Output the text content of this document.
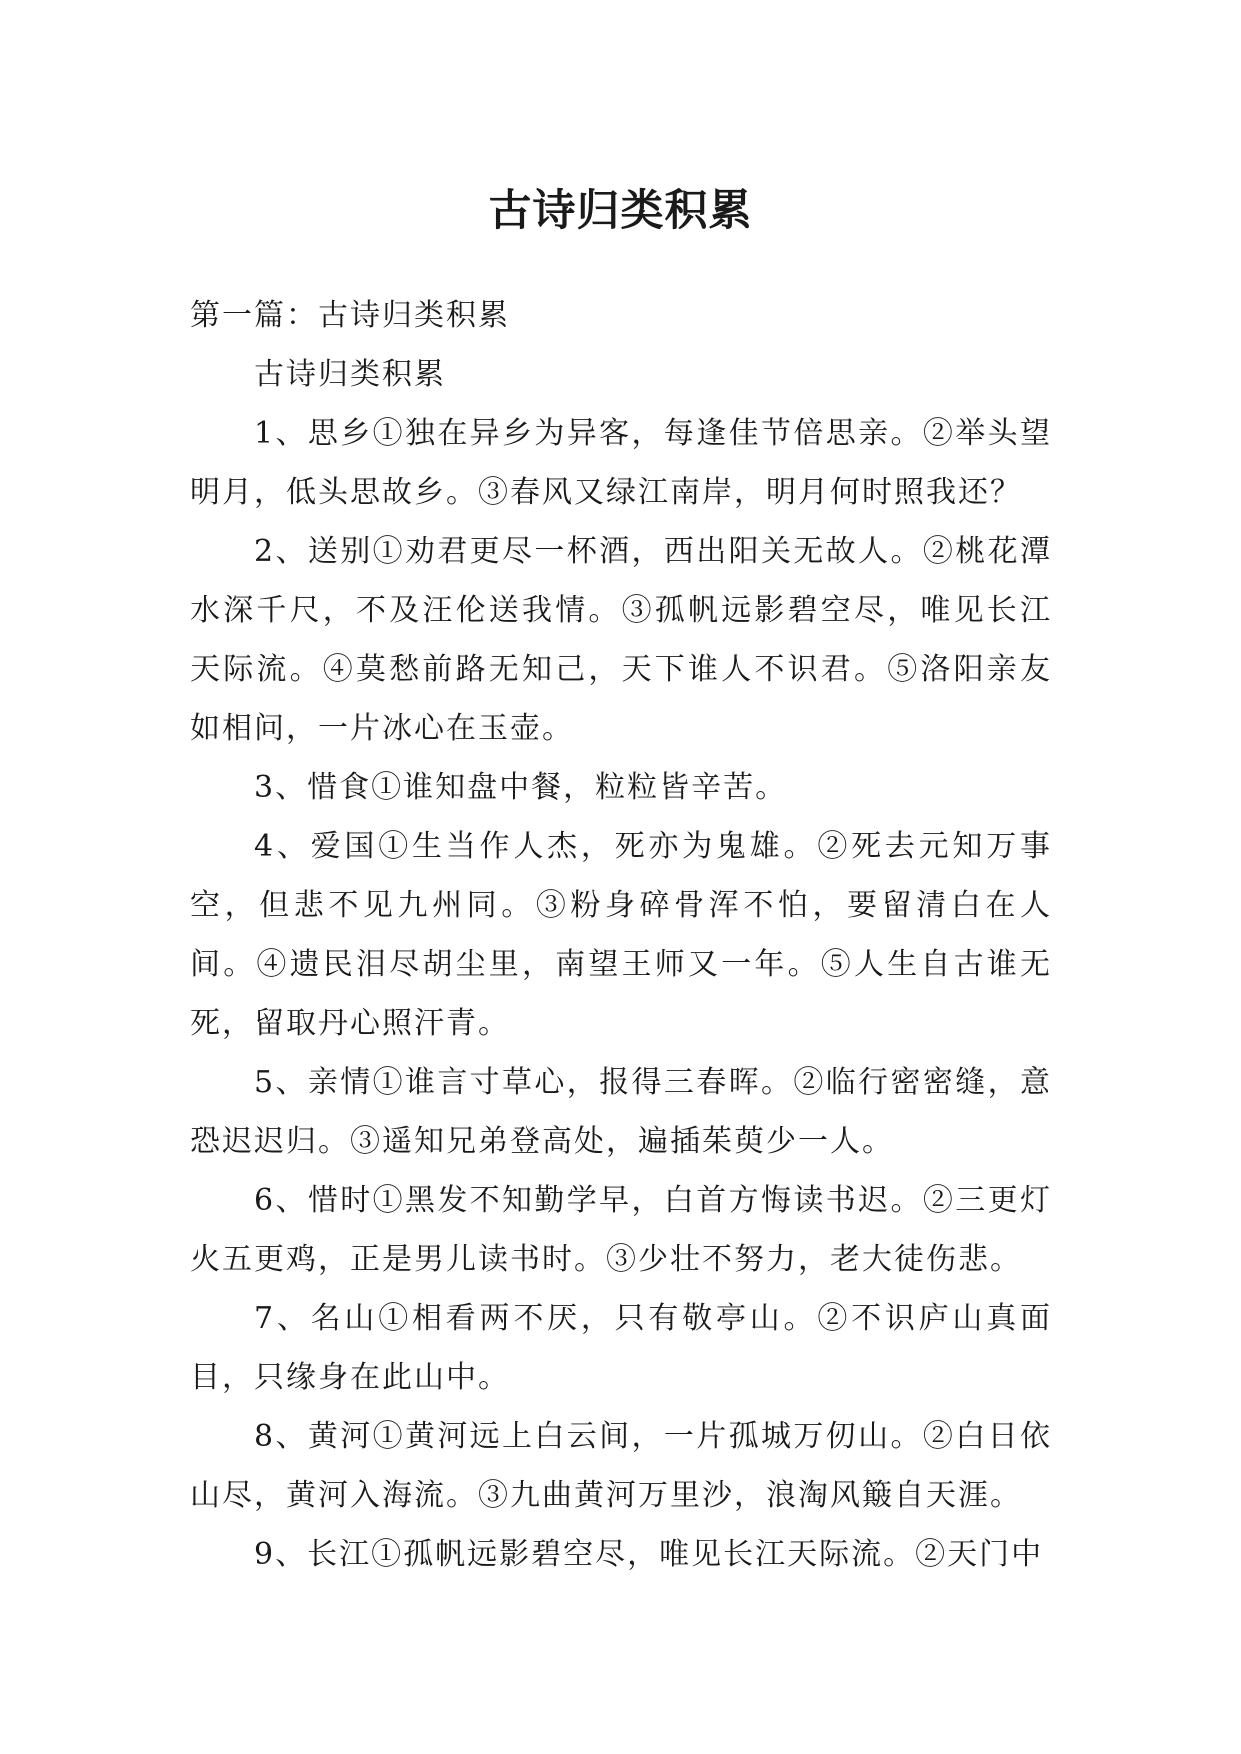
古诗归类积累

第一篇：古诗归类积累

古诗归类积累

1、思乡①独在异乡为异客，每逢佳节倍思亲。②举头望明月，低头思故乡。③春风又绿江南岸，明月何时照我还？

2、送别①劝君更尽一杯酒，西出阳关无故人。②桃花潭水深千尺，不及汪伦送我情。③孤帆远影碧空尽，唯见长江天际流。④莫愁前路无知己，天下谁人不识君。⑤洛阳亲友如相问，一片冰心在玉壶。

3、惜食①谁知盘中餐，粒粒皆辛苦。

4、爱国①生当作人杰，死亦为鬼雄。②死去元知万事空，但悲不见九州同。③粉身碎骨浑不怕，要留清白在人间。④遗民泪尽胡尘里，南望王师又一年。⑤人生自古谁无死，留取丹心照汗青。

5、亲情①谁言寸草心，报得三春晖。②临行密密缝，意恐迟迟归。③遥知兄弟登高处，遍插茱萸少一人。

6、惜时①黑发不知勤学早，白首方悔读书迟。②三更灯火五更鸡，正是男儿读书时。③少壮不努力，老大徒伤悲。

7、名山①相看两不厌，只有敬亭山。②不识庐山真面目，只缘身在此山中。

8、黄河①黄河远上白云间，一片孤城万仞山。②白日依山尽，黄河入海流。③九曲黄河万里沙，浪淘风簸自天涯。

9、长江①孤帆远影碧空尽，唯见长江天际流。②天门中
